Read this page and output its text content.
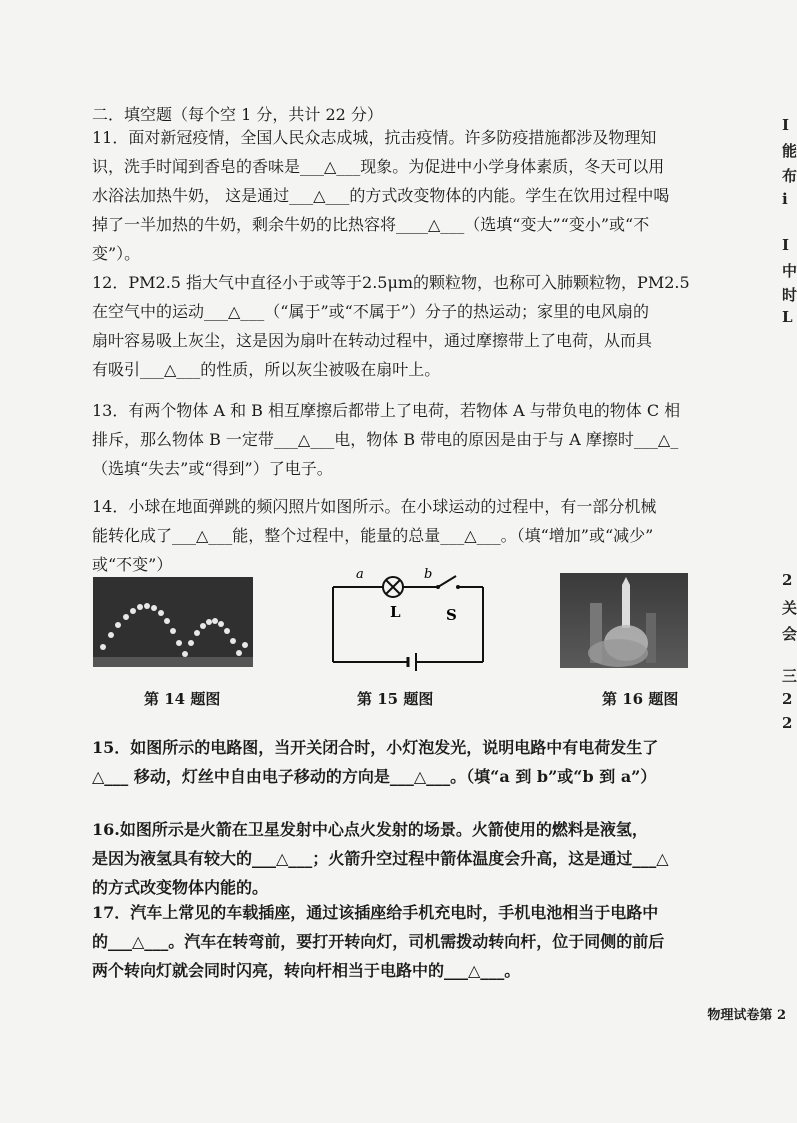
二．填空题（每个空 1 分，共计 22 分）

11．面对新冠疫情，全国人民众志成城，抗击疫情。许多防疫措施都涉及物理知

识，洗手时闻到香皂的香味是___△___现象。为促进中小学身体素质，冬天可以用

水浴法加热牛奶， 这是通过___△___的方式改变物体的内能。学生在饮用过程中喝

掉了一半加热的牛奶，剩余牛奶的比热容将____△___（选填“变大”“变小”或“不

变”）。

12．PM2.5 指大气中直径小于或等于2.5μm的颗粒物，也称可入肺颗粒物，PM2.5

在空气中的运动___△___（“属于”或“不属于”）分子的热运动；家里的电风扇的

扇叶容易吸上灰尘，这是因为扇叶在转动过程中，通过摩擦带上了电荷，从而具

有吸引___△___的性质，所以灰尘被吸在扇叶上。

13．有两个物体 A 和 B 相互摩擦后都带上了电荷，若物体 A 与带负电的物体 C 相

排斥，那么物体 B 一定带___△___电，物体 B 带电的原因是由于与 A 摩擦时___△_

（选填“失去”或“得到”）了电子。

14．小球在地面弹跳的频闪照片如图所示。在小球运动的过程中，有一部分机械

能转化成了___△___能，整个过程中，能量的总量___△___。（填“增加”或“减少”

或“不变”）

a	b
L	S
第 14 题图	第 15 题图	第 16 题图

15．如图所示的电路图，当开关闭合时，小灯泡发光，说明电路中有电荷发生了

△___ 移动，灯丝中自由电子移动的方向是___△___。（填“a 到 b”或“b 到 a”）

16.如图所示是火箭在卫星发射中心点火发射的场景。火箭使用的燃料是液氢，

是因为液氢具有较大的___△___；火箭升空过程中箭体温度会升高，这是通过___△

的方式改变物体内能的。

17．汽车上常见的车载插座，通过该插座给手机充电时，手机电池相当于电路中

的___△___。汽车在转弯前，要打开转向灯，司机需拨动转向杆，位于同侧的前后

两个转向灯就会同时闪亮，转向杆相当于电路中的___△___。

物理试卷第 2
I
能
布
i
I
中
时
L
2
关
会
三
2
2
